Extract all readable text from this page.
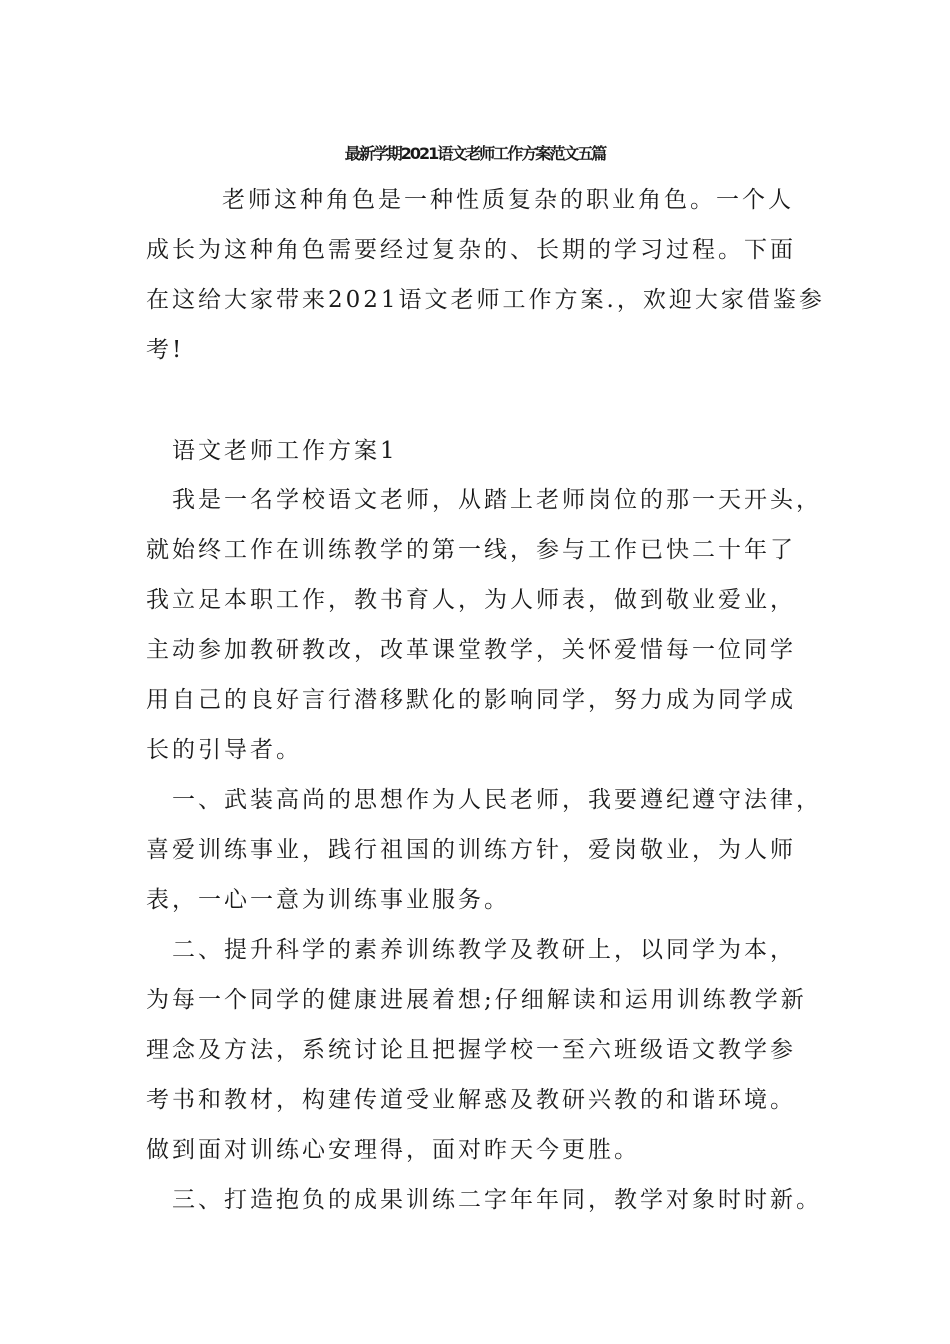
最新学期2021语文老师工作方案范文五篇
老师这种角色是一种性质复杂的职业角色。一个人
成长为这种角色需要经过复杂的、长期的学习过程。下面
在这给大家带来2021语文老师工作方案.，欢迎大家借鉴参
考!
语文老师工作方案1
我是一名学校语文老师，从踏上老师岗位的那一天开头，
就始终工作在训练教学的第一线，参与工作已快二十年了
我立足本职工作，教书育人，为人师表，做到敬业爱业，
主动参加教研教改，改革课堂教学，关怀爱惜每一位同学
用自己的良好言行潜移默化的影响同学，努力成为同学成
长的引导者。
一、武装高尚的思想作为人民老师，我要遵纪遵守法律，
喜爱训练事业，践行祖国的训练方针，爱岗敬业，为人师
表，一心一意为训练事业服务。
二、提升科学的素养训练教学及教研上，以同学为本，
为每一个同学的健康进展着想;仔细解读和运用训练教学新
理念及方法，系统讨论且把握学校一至六班级语文教学参
考书和教材，构建传道受业解惑及教研兴教的和谐环境。
做到面对训练心安理得，面对昨天今更胜。
三、打造抱负的成果训练二字年年同，教学对象时时新。
